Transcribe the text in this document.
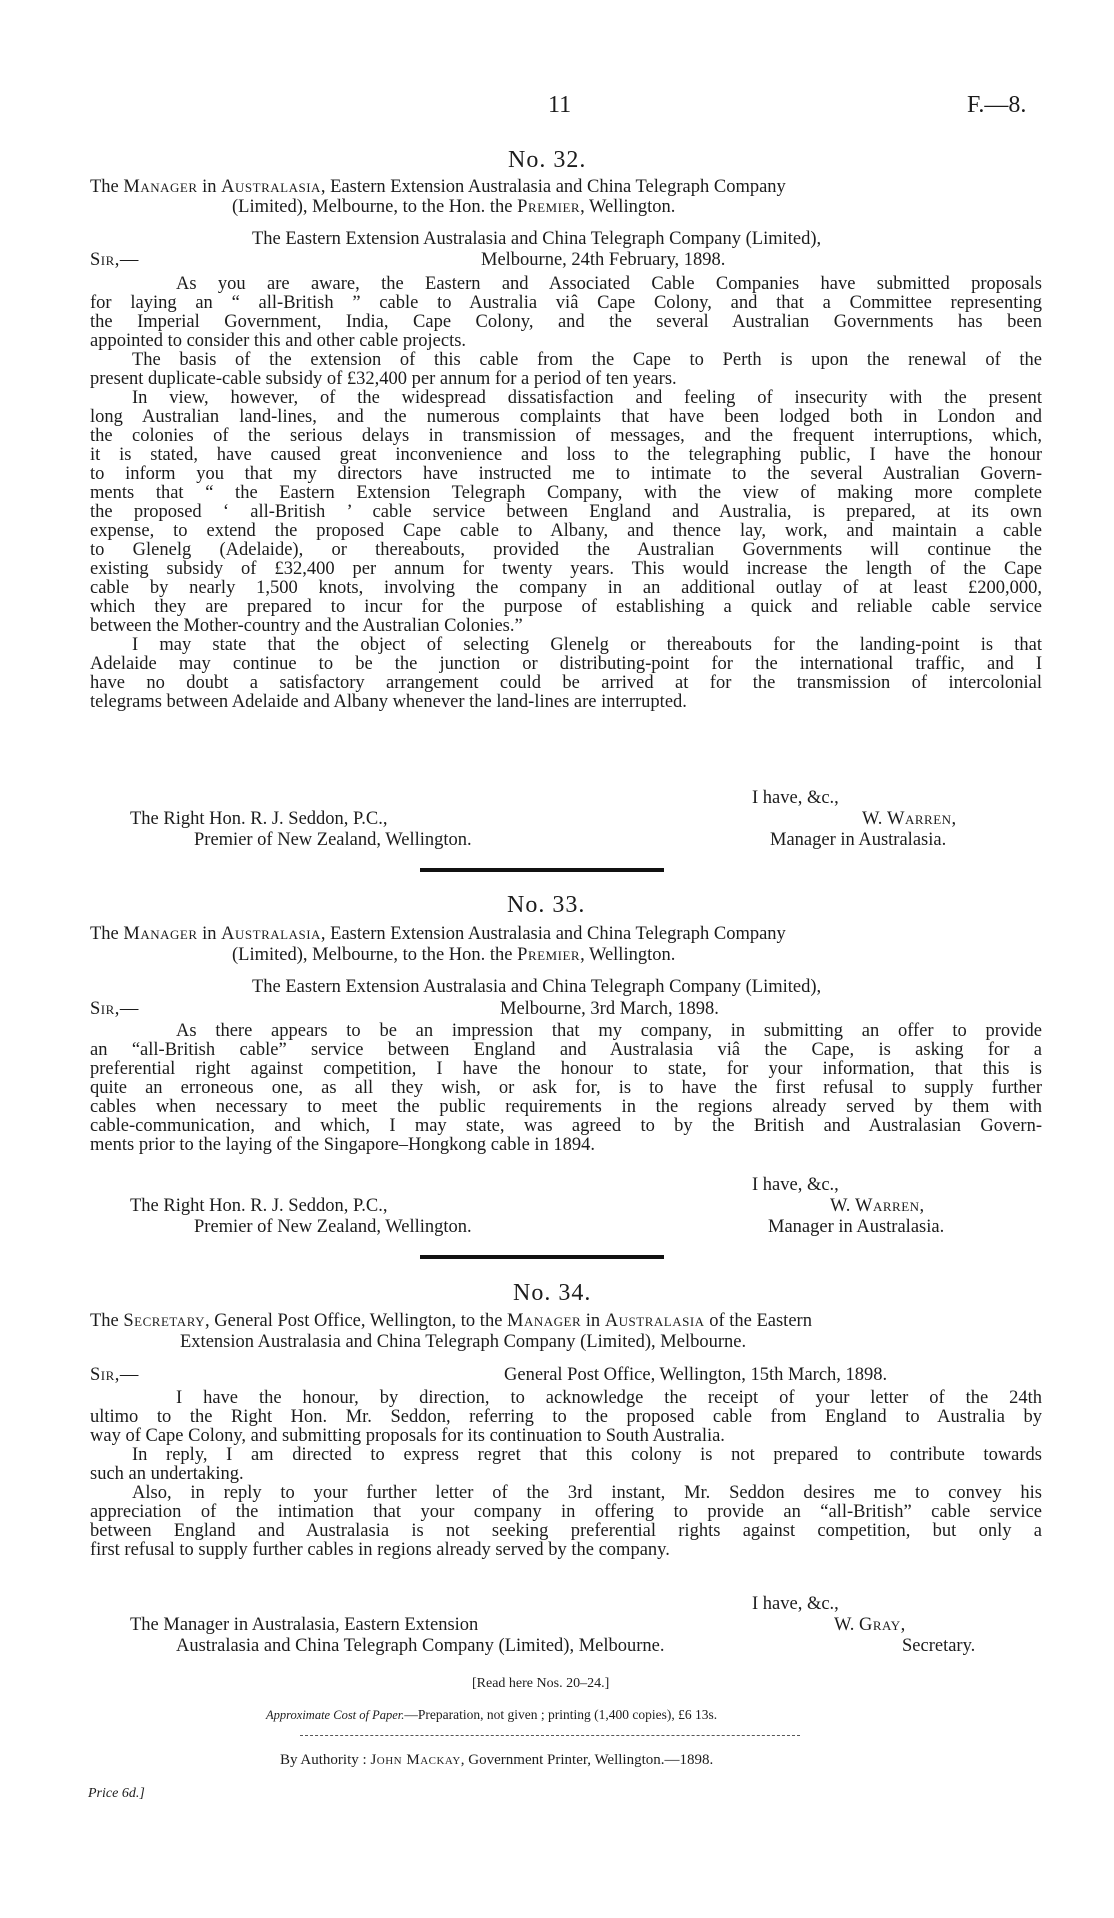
11	F.—8.
No. 32.
The Manager in Australasia, Eastern Extension Australasia and China Telegraph Company
(Limited), Melbourne, to the Hon. the Premier, Wellington.
The Eastern Extension Australasia and China Telegraph Company (Limited),
Sir,—	Melbourne, 24th February, 1898.
As you are aware, the Eastern and Associated Cable Companies have submitted proposals
for laying an “ all-British ” cable to Australia viâ Cape Colony, and that a Committee representing
the Imperial Government, India, Cape Colony, and the several Australian Governments has been
appointed to consider this and other cable projects.
The basis of the extension of this cable from the Cape to Perth is upon the renewal of the
present duplicate-cable subsidy of £32,400 per annum for a period of ten years.
In view, however, of the widespread dissatisfaction and feeling of insecurity with the present
long Australian land-lines, and the numerous complaints that have been lodged both in London and
the colonies of the serious delays in transmission of messages, and the frequent interruptions, which,
it is stated, have caused great inconvenience and loss to the telegraphing public, I have the honour
to inform you that my directors have instructed me to intimate to the several Australian Govern-
ments that “ the Eastern Extension Telegraph Company, with the view of making more complete
the proposed ‘ all-British ’ cable service between England and Australia, is prepared, at its own
expense, to extend the proposed Cape cable to Albany, and thence lay, work, and maintain a cable
to Glenelg (Adelaide), or thereabouts, provided the Australian Governments will continue the
existing subsidy of £32,400 per annum for twenty years. This would increase the length of the Cape
cable by nearly 1,500 knots, involving the company in an additional outlay of at least £200,000,
which they are prepared to incur for the purpose of establishing a quick and reliable cable service
between the Mother-country and the Australian Colonies.”
I may state that the object of selecting Glenelg or thereabouts for the landing-point is that
Adelaide may continue to be the junction or distributing-point for the international traffic, and I
have no doubt a satisfactory arrangement could be arrived at for the transmission of intercolonial
telegrams between Adelaide and Albany whenever the land-lines are interrupted.
I have, &c.,
The Right Hon. R. J. Seddon, P.C.,	W. Warren,
Premier of New Zealand, Wellington.	Manager in Australasia.
No. 33.
The Manager in Australasia, Eastern Extension Australasia and China Telegraph Company
(Limited), Melbourne, to the Hon. the Premier, Wellington.
The Eastern Extension Australasia and China Telegraph Company (Limited),
Sir,—	Melbourne, 3rd March, 1898.
As there appears to be an impression that my company, in submitting an offer to provide
an “all-British cable” service between England and Australasia viâ the Cape, is asking for a
preferential right against competition, I have the honour to state, for your information, that this is
quite an erroneous one, as all they wish, or ask for, is to have the first refusal to supply further
cables when necessary to meet the public requirements in the regions already served by them with
cable-communication, and which, I may state, was agreed to by the British and Australasian Govern-
ments prior to the laying of the Singapore–Hongkong cable in 1894.
I have, &c.,
The Right Hon. R. J. Seddon, P.C.,	W. Warren,
Premier of New Zealand, Wellington.	Manager in Australasia.
No. 34.
The Secretary, General Post Office, Wellington, to the Manager in Australasia of the Eastern
Extension Australasia and China Telegraph Company (Limited), Melbourne.
Sir,—	General Post Office, Wellington, 15th March, 1898.
I have the honour, by direction, to acknowledge the receipt of your letter of the 24th
ultimo to the Right Hon. Mr. Seddon, referring to the proposed cable from England to Australia by
way of Cape Colony, and submitting proposals for its continuation to South Australia.
In reply, I am directed to express regret that this colony is not prepared to contribute towards
such an undertaking.
Also, in reply to your further letter of the 3rd instant, Mr. Seddon desires me to convey his
appreciation of the intimation that your company in offering to provide an “all-British” cable service
between England and Australasia is not seeking preferential rights against competition, but only a
first refusal to supply further cables in regions already served by the company.
I have, &c.,
The Manager in Australasia, Eastern Extension	W. Gray,
Australasia and China Telegraph Company (Limited), Melbourne.	Secretary.
[Read here Nos. 20–24.]
Approximate Cost of Paper.—Preparation, not given ; printing (1,400 copies), £6 13s.
By Authority : John Mackay, Government Printer, Wellington.—1898.
Price 6d.]
